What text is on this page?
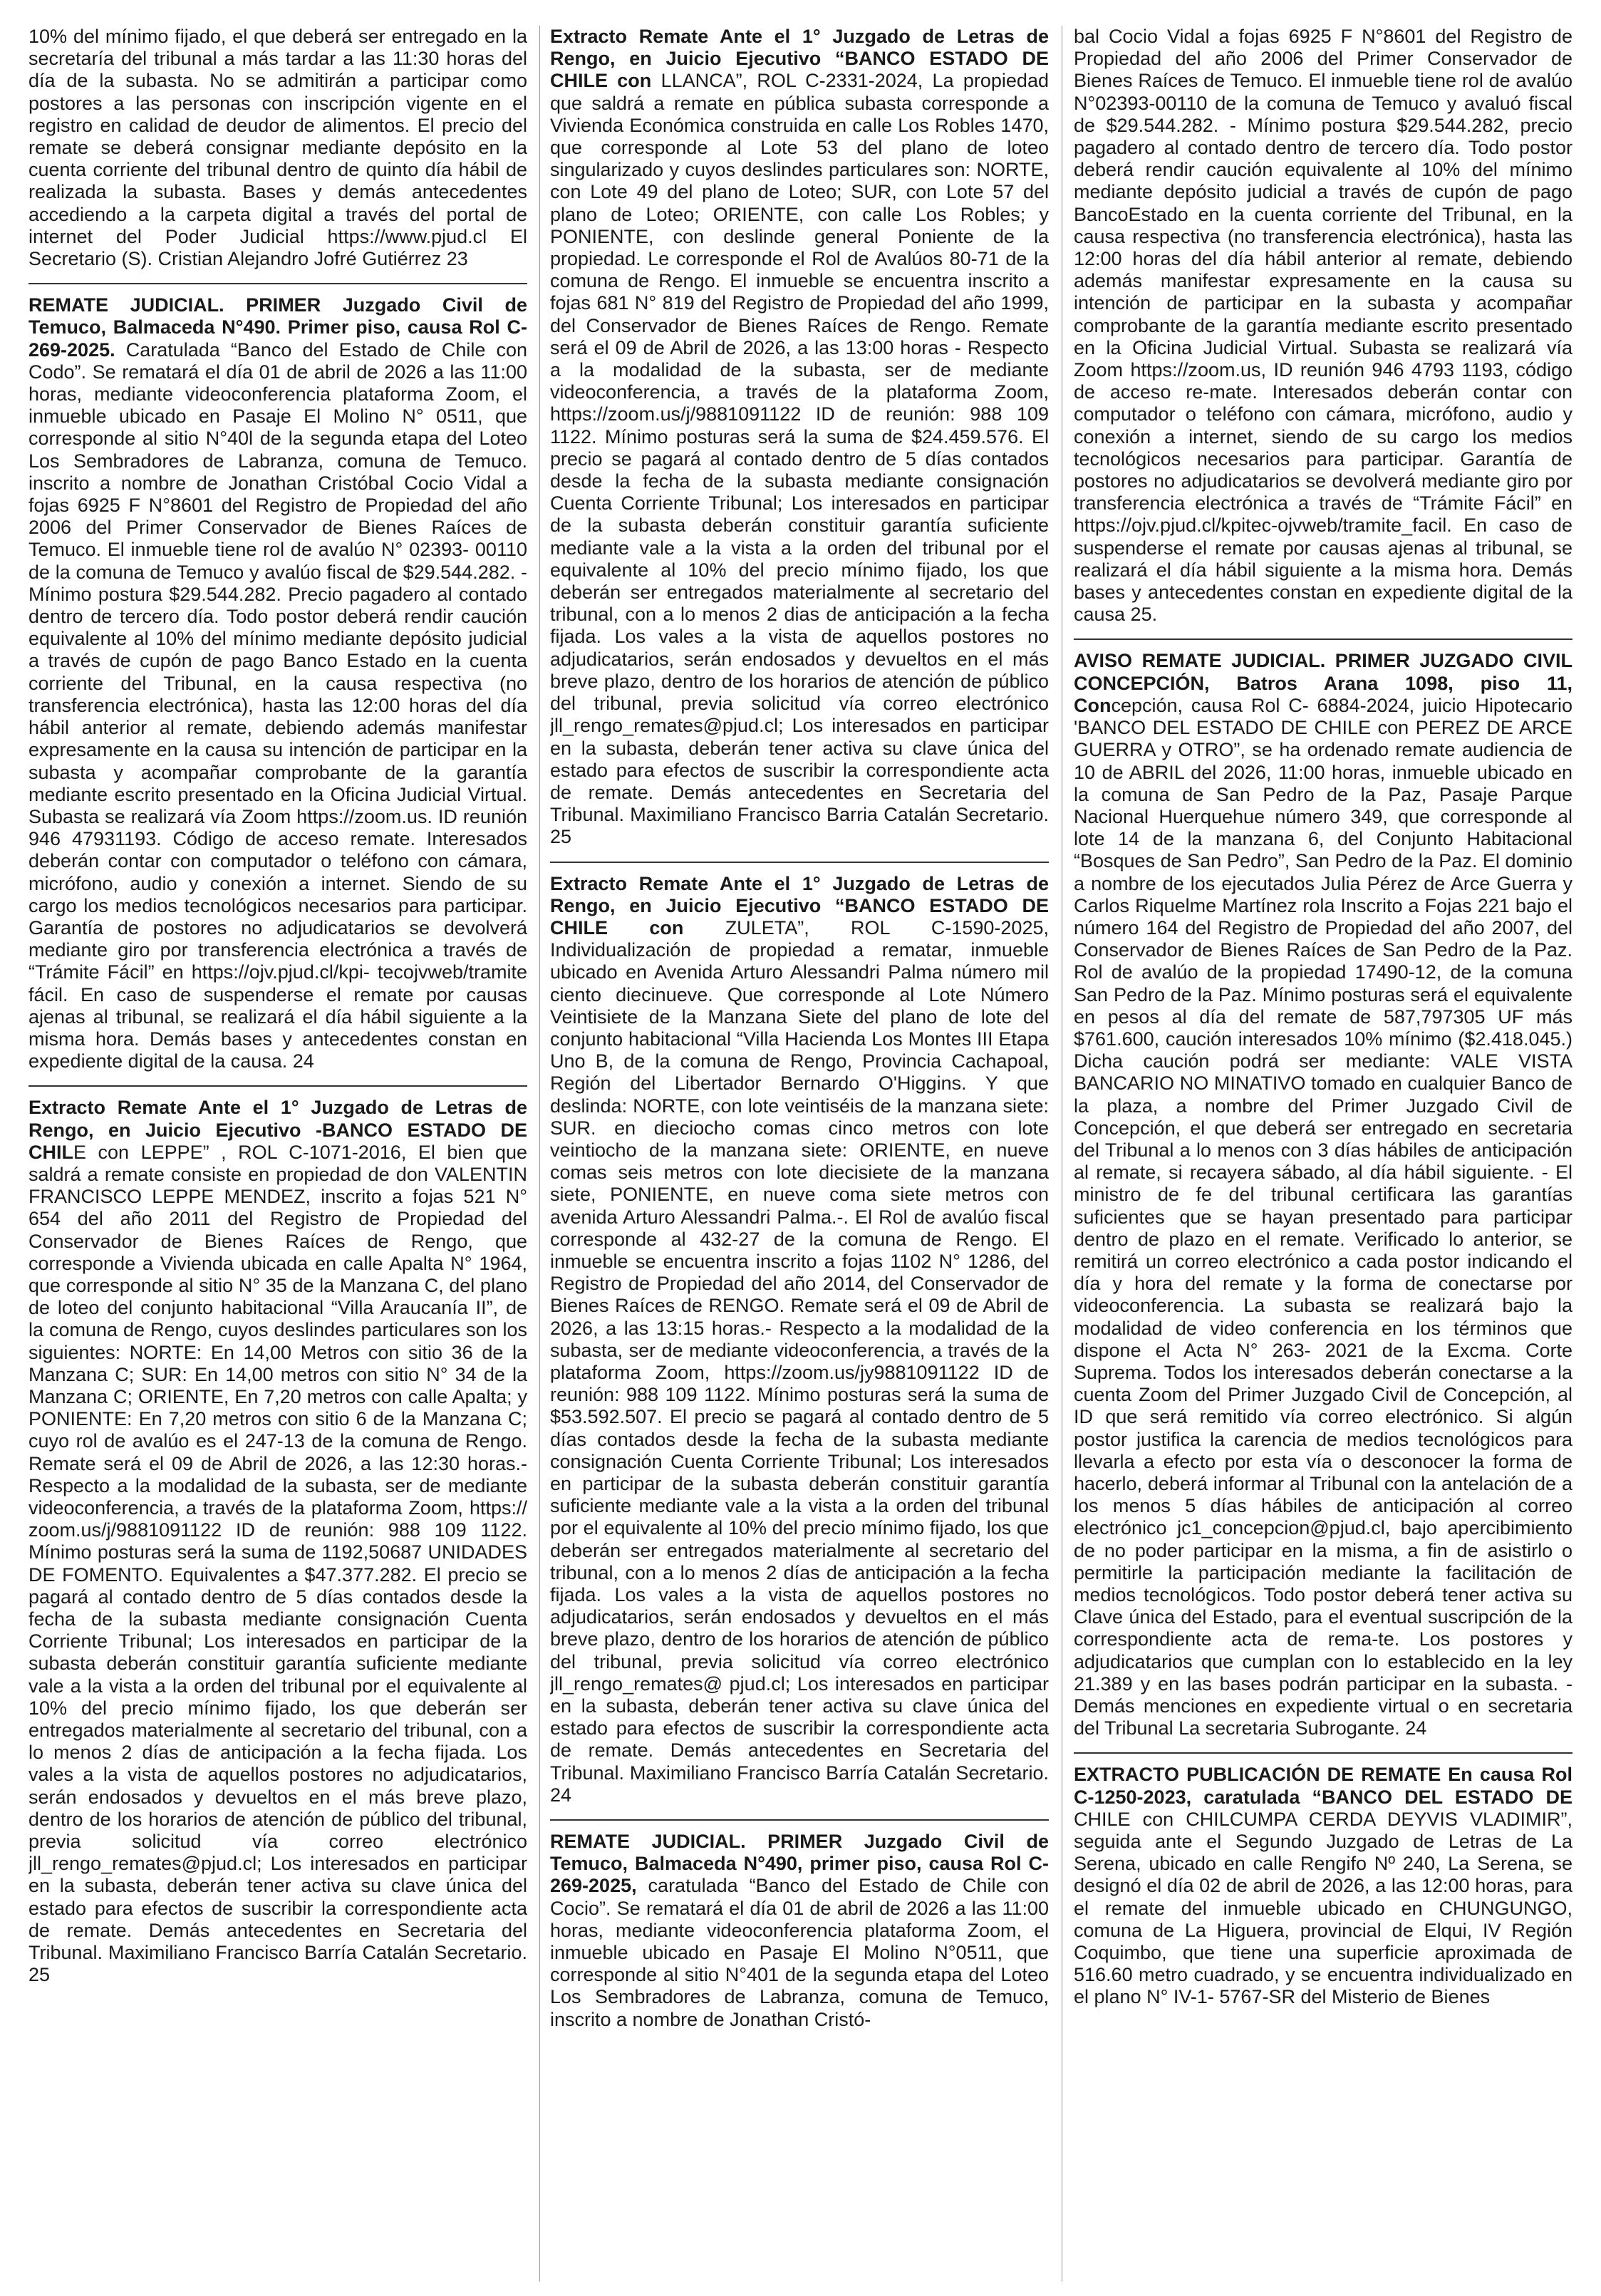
10% del mínimo fijado, el que deberá ser entregado en la secretaría del tribunal a más tardar a las 11:30 horas del día de la subasta. No se admitirán a participar como postores a las personas con inscripción vigente en el registro en calidad de deudor de alimentos. El precio del remate se deberá consignar mediante depósito en la cuenta corriente del tribunal dentro de quinto día hábil de realizada la subasta. Bases y demás antecedentes accediendo a la carpeta digital a través del portal de internet del Poder Judicial https://www.pjud.cl El Secretario (S). Cristian Alejandro Jofré Gutiérrez 23

REMATE JUDICIAL. PRIMER Juzgado Civil de Temuco, Balmaceda N°490. Primer piso, causa Rol C-269-2025. Caratulada “Banco del Estado de Chile con Codo”. Se rematará el día 01 de abril de 2026 a las 11:00 horas, mediante videoconferencia plataforma Zoom, el inmueble ubicado en Pasaje El Molino N° 0511, que corresponde al sitio N°40l de la segunda etapa del Loteo Los Sembradores de Labranza, comuna de Temuco. inscrito a nombre de Jonathan Cristóbal Cocio Vidal a fojas 6925 F N°8601 del Registro de Propiedad del año 2006 del Primer Conservador de Bienes Raíces de Temuco. El inmueble tiene rol de avalúo N° 02393- 00110 de la comuna de Temuco y avalúo fiscal de $29.544.282. - Mínimo postura $29.544.282. Precio pagadero al contado dentro de tercero día. Todo postor deberá rendir caución equivalente al 10% del mínimo mediante depósito judicial a través de cupón de pago Banco Estado en la cuenta corriente del Tribunal, en la causa respectiva (no transferencia electrónica), hasta las 12:00 horas del día hábil anterior al remate, debiendo además manifestar expresamente en la causa su intención de participar en la subasta y acompañar comprobante de la garantía mediante escrito presentado en la Oficina Judicial Virtual. Subasta se realizará vía Zoom https://zoom.us. ID reunión 946 47931193. Código de acceso remate. Interesados deberán contar con computador o teléfono con cámara, micrófono, audio y conexión a internet. Siendo de su cargo los medios tecnológicos necesarios para participar. Garantía de postores no adjudicatarios se devolverá mediante giro por transferencia electrónica a través de “Trámite Fácil” en https://ojv.pjud.cl/kpi- tecojvweb/tramite fácil. En caso de suspenderse el remate por causas ajenas al tribunal, se realizará el día hábil siguiente a la misma hora. Demás bases y antecedentes constan en expediente digital de la causa. 24

Extracto Remate Ante el 1° Juzgado de Letras de Rengo, en Juicio Ejecutivo -BANCO ESTADO DE CHILE con LEPPE” , ROL C-1071-2016, El bien que saldrá a remate consiste en propiedad de don VALENTIN FRANCISCO LEPPE MENDEZ, inscrito a fojas 521 N° 654 del año 2011 del Registro de Propiedad del Conservador de Bienes Raíces de Rengo, que corresponde a Vivienda ubicada en calle Apalta N° 1964, que corresponde al sitio N° 35 de la Manzana C, del plano de loteo del conjunto habitacional “Villa Araucanía II”, de la comuna de Rengo, cuyos deslindes particulares son los siguientes: NORTE: En 14,00 Metros con sitio 36 de la Manzana C; SUR: En 14,00 metros con sitio N° 34 de la Manzana C; ORIENTE, En 7,20 metros con calle Apalta; y PONIENTE: En 7,20 metros con sitio 6 de la Manzana C; cuyo rol de avalúo es el 247-13 de la comuna de Rengo. Remate será el 09 de Abril de 2026, a las 12:30 horas.- Respecto a la modalidad de la subasta, ser de mediante videoconferencia, a través de la plataforma Zoom, https:// zoom.us/j/9881091122 ID de reunión: 988 109 1122. Mínimo posturas será la suma de 1192,50687 UNIDADES DE FOMENTO. Equivalentes a $47.377.282. El precio se pagará al contado dentro de 5 días contados desde la fecha de la subasta mediante consignación Cuenta Corriente Tribunal; Los interesados en participar de la subasta deberán constituir garantía suficiente mediante vale a la vista a la orden del tribunal por el equivalente al 10% del precio mínimo fijado, los que deberán ser entregados materialmente al secretario del tribunal, con a lo menos 2 días de anticipación a la fecha fijada. Los vales a la vista de aquellos postores no adjudicatarios, serán endosados y devueltos en el más breve plazo, dentro de los horarios de atención de público del tribunal, previa solicitud vía correo electrónico jll_rengo_remates@pjud.cl; Los interesados en participar en la subasta, deberán tener activa su clave única del estado para efectos de suscribir la correspondiente acta de remate. Demás antecedentes en Secretaria del Tribunal. Maximiliano Francisco Barría Catalán Secretario. 25

Extracto Remate Ante el 1° Juzgado de Letras de Rengo, en Juicio Ejecutivo “BANCO ESTADO DE CHILE con LLANCA”, ROL C-2331-2024, La propiedad que saldrá a remate en pública subasta corresponde a Vivienda Económica construida en calle Los Robles 1470, que corresponde al Lote 53 del plano de loteo singularizado y cuyos deslindes particulares son: NORTE, con Lote 49 del plano de Loteo; SUR, con Lote 57 del plano de Loteo; ORIENTE, con calle Los Robles; y PONIENTE, con deslinde general Poniente de la propiedad. Le corresponde el Rol de Avalúos 80-71 de la comuna de Rengo. El inmueble se encuentra inscrito a fojas 681 N° 819 del Registro de Propiedad del año 1999, del Conservador de Bienes Raíces de Rengo. Remate será el 09 de Abril de 2026, a las 13:00 horas - Respecto a la modalidad de la subasta, ser de mediante videoconferencia, a través de la plataforma Zoom, https://zoom.us/j/9881091122 ID de reunión: 988 109 1122. Mínimo posturas será la suma de $24.459.576. El precio se pagará al contado dentro de 5 días contados desde la fecha de la subasta mediante consignación Cuenta Corriente Tribunal; Los interesados en participar de la subasta deberán constituir garantía suficiente mediante vale a la vista a la orden del tribunal por el equivalente al 10% del precio mínimo fijado, los que deberán ser entregados materialmente al secretario del tribunal, con a lo menos 2 dias de anticipación a la fecha fijada. Los vales a la vista de aquellos postores no adjudicatarios, serán endosados y devueltos en el más breve plazo, dentro de los horarios de atención de público del tribunal, previa solicitud vía correo electrónico jll_rengo_remates@pjud.cl; Los interesados en participar en la subasta, deberán tener activa su clave única del estado para efectos de suscribir la correspondiente acta de remate. Demás antecedentes en Secretaria del Tribunal. Maximiliano Francisco Barria Catalán Secretario. 25

Extracto Remate Ante el 1° Juzgado de Letras de Rengo, en Juicio Ejecutivo “BANCO ESTADO DE CHILE con ZULETA”, ROL C-1590-2025, Individualización de propiedad a rematar, inmueble ubicado en Avenida Arturo Alessandri Palma número mil ciento diecinueve. Que corresponde al Lote Número Veintisiete de la Manzana Siete del plano de lote del conjunto habitacional “Villa Hacienda Los Montes III Etapa Uno B, de la comuna de Rengo, Provincia Cachapoal, Región del Libertador Bernardo O'Higgins. Y que deslinda: NORTE, con lote veintiséis de la manzana siete: SUR. en dieciocho comas cinco metros con lote veintiocho de la manzana siete: ORIENTE, en nueve comas seis metros con lote diecisiete de la manzana siete, PONIENTE, en nueve coma siete metros con avenida Arturo Alessandri Palma.-. El Rol de avalúo fiscal corresponde al 432-27 de la comuna de Rengo. El inmueble se encuentra inscrito a fojas 1102 N° 1286, del Registro de Propiedad del año 2014, del Conservador de Bienes Raíces de RENGO. Remate será el 09 de Abril de 2026, a las 13:15 horas.- Respecto a la modalidad de la subasta, ser de mediante videoconferencia, a través de la plataforma Zoom, https://zoom.us/jy9881091122 ID de reunión: 988 109 1122. Mínimo posturas será la suma de $53.592.507. El precio se pagará al contado dentro de 5 días contados desde la fecha de la subasta mediante consignación Cuenta Corriente Tribunal; Los interesados en participar de la subasta deberán constituir garantía suficiente mediante vale a la vista a la orden del tribunal por el equivalente al 10% del precio mínimo fijado, los que deberán ser entregados materialmente al secretario del tribunal, con a lo menos 2 días de anticipación a la fecha fijada. Los vales a la vista de aquellos postores no adjudicatarios, serán endosados y devueltos en el más breve plazo, dentro de los horarios de atención de público del tribunal, previa solicitud vía correo electrónico jll_rengo_remates@ pjud.cl; Los interesados en participar en la subasta, deberán tener activa su clave única del estado para efectos de suscribir la correspondiente acta de remate. Demás antecedentes en Secretaria del Tribunal. Maximiliano Francisco Barría Catalán Secretario. 24

REMATE JUDICIAL. PRIMER Juzgado Civil de Temuco, Balmaceda N°490, primer piso, causa Rol C-269-2025, caratulada “Banco del Estado de Chile con Cocio”. Se rematará el día 01 de abril de 2026 a las 11:00 horas, mediante videoconferencia plataforma Zoom, el inmueble ubicado en Pasaje El Molino N°0511, que corresponde al sitio N°401 de la segunda etapa del Loteo Los Sembradores de Labranza, comuna de Temuco, inscrito a nombre de Jonathan Cristó-

bal Cocio Vidal a fojas 6925 F N°8601 del Registro de Propiedad del año 2006 del Primer Conservador de Bienes Raíces de Temuco. El inmueble tiene rol de avalúo N°02393-00110 de la comuna de Temuco y avaluó fiscal de $29.544.282. - Mínimo postura $29.544.282, precio pagadero al contado dentro de tercero día. Todo postor deberá rendir caución equivalente al 10% del mínimo mediante depósito judicial a través de cupón de pago BancoEstado en la cuenta corriente del Tribunal, en la causa respectiva (no transferencia electrónica), hasta las 12:00 horas del día hábil anterior al remate, debiendo además manifestar expresamente en la causa su intención de participar en la subasta y acompañar comprobante de la garantía mediante escrito presentado en la Oficina Judicial Virtual. Subasta se realizará vía Zoom https://zoom.us, ID reunión 946 4793 1193, código de acceso re-mate. Interesados deberán contar con computador o teléfono con cámara, micrófono, audio y conexión a internet, siendo de su cargo los medios tecnológicos necesarios para participar. Garantía de postores no adjudicatarios se devolverá mediante giro por transferencia electrónica a través de “Trámite Fácil” en https://ojv.pjud.cl/kpitec-ojvweb/tramite_facil. En caso de suspenderse el remate por causas ajenas al tribunal, se realizará el día hábil siguiente a la misma hora. Demás bases y antecedentes constan en expediente digital de la causa 25.

AVISO REMATE JUDICIAL. PRIMER JUZGADO CIVIL CONCEPCIÓN, Batros Arana 1098, piso 11, Concepción, causa Rol C- 6884-2024, juicio Hipotecario 'BANCO DEL ESTADO DE CHILE con PEREZ DE ARCE GUERRA y OTRO”, se ha ordenado remate audiencia de 10 de ABRIL del 2026, 11:00 horas, inmueble ubicado en la comuna de San Pedro de la Paz, Pasaje Parque Nacional Huerquehue número 349, que corresponde al lote 14 de la manzana 6, del Conjunto Habitacional “Bosques de San Pedro”, San Pedro de la Paz. El dominio a nombre de los ejecutados Julia Pérez de Arce Guerra y Carlos Riquelme Martínez rola Inscrito a Fojas 221 bajo el número 164 del Registro de Propiedad del año 2007, del Conservador de Bienes Raíces de San Pedro de la Paz. Rol de avalúo de la propiedad 17490-12, de la comuna San Pedro de la Paz. Mínimo posturas será el equivalente en pesos al día del remate de 587,797305 UF más $761.600, caución interesados 10% mínimo ($2.418.045.) Dicha caución podrá ser mediante: VALE VISTA BANCARIO NO MINATIVO tomado en cualquier Banco de la plaza, a nombre del Primer Juzgado Civil de Concepción, el que deberá ser entregado en secretaria del Tribunal a lo menos con 3 días hábiles de anticipación al remate, si recayera sábado, al día hábil siguiente. - El ministro de fe del tribunal certificara las garantías suficientes que se hayan presentado para participar dentro de plazo en el remate. Verificado lo anterior, se remitirá un correo electrónico a cada postor indicando el día y hora del remate y la forma de conectarse por videoconferencia. La subasta se realizará bajo la modalidad de video conferencia en los términos que dispone el Acta N° 263- 2021 de la Excma. Corte Suprema. Todos los interesados deberán conectarse a la cuenta Zoom del Primer Juzgado Civil de Concepción, al ID que será remitido vía correo electrónico. Si algún postor justifica la carencia de medios tecnológicos para llevarla a efecto por esta vía o desconocer la forma de hacerlo, deberá informar al Tribunal con la antelación de a los menos 5 días hábiles de anticipación al correo electrónico jc1_concepcion@pjud.cl, bajo apercibimiento de no poder participar en la misma, a fin de asistirlo o permitirle la participación mediante la facilitación de medios tecnológicos. Todo postor deberá tener activa su Clave única del Estado, para el eventual suscripción de la correspondiente acta de rema-te. Los postores y adjudicatarios que cumplan con lo establecido en la ley 21.389 y en las bases podrán participar en la subasta. -Demás menciones en expediente virtual o en secretaria del Tribunal La secretaria Subrogante. 24

EXTRACTO PUBLICACIÓN DE REMATE En causa Rol C-1250-2023, caratulada “BANCO DEL ESTADO DE CHILE con CHILCUMPA CERDA DEYVIS VLADIMIR”, seguida ante el Segundo Juzgado de Letras de La Serena, ubicado en calle Rengifo Nº 240, La Serena, se designó el día 02 de abril de 2026, a las 12:00 horas, para el remate del inmueble ubicado en CHUNGUNGO, comuna de La Higuera, provincial de Elqui, IV Región Coquimbo, que tiene una superficie aproximada de 516.60 metro cuadrado, y se encuentra individualizado en el plano N° IV-1- 5767-SR del Misterio de Bienes
